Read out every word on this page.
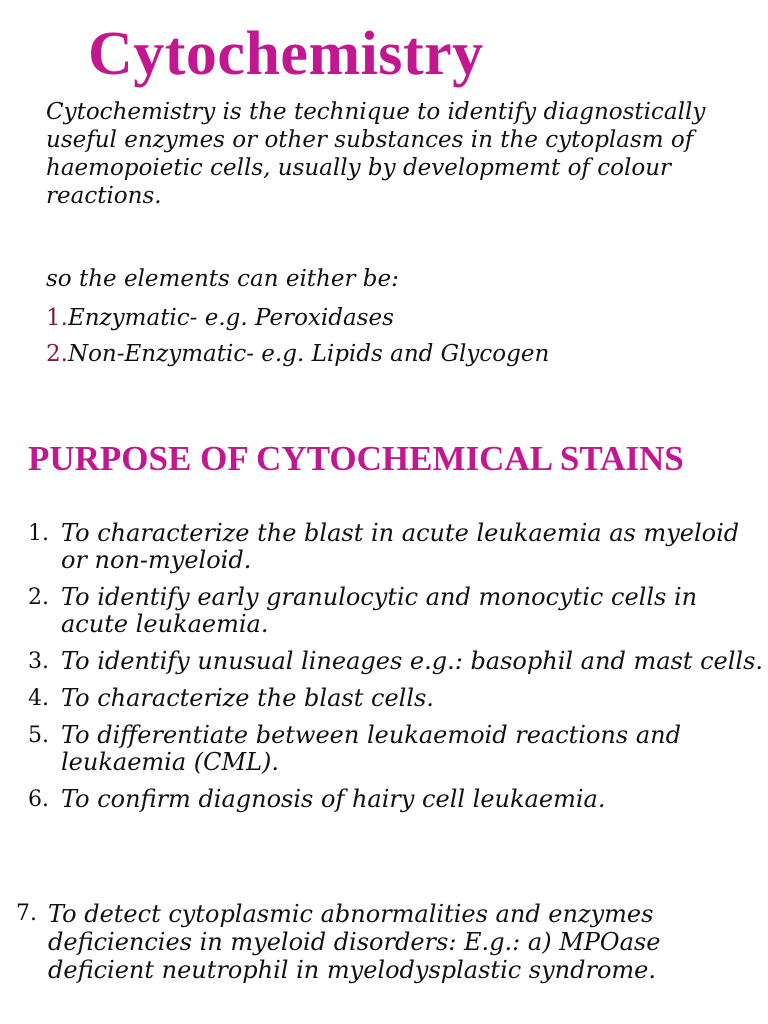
Cytochemistry

Cytochemistry is the technique to identify diagnostically useful enzymes or other substances in the cytoplasm of haemopoietic cells, usually by developmemt of colour reactions.

so the elements can either be:

1.Enzymatic- e.g. Peroxidases
2.Non-Enzymatic- e.g. Lipids and Glycogen
PURPOSE OF CYTOCHEMICAL STAINS
1. To characterize the blast in acute leukaemia as myeloid or non-myeloid.
2. To identify early granulocytic and monocytic cells in acute leukaemia.
3. To identify unusual lineages e.g.: basophil and mast cells.
4. To characterize the blast cells.
5. To differentiate between leukaemoid reactions and leukaemia (CML).
6. To confirm diagnosis of hairy cell leukaemia.
7. To detect cytoplasmic abnormalities and enzymes deficiencies in myeloid disorders: E.g.: a) MPOase deficient neutrophil in myelodysplastic syndrome.
